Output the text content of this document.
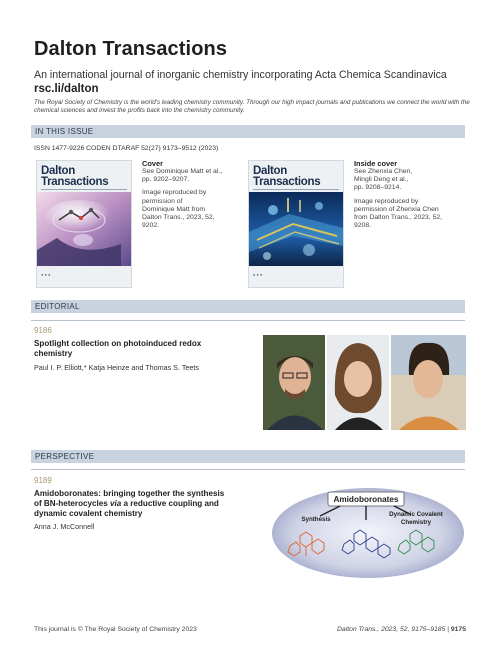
Dalton Transactions
An international journal of inorganic chemistry incorporating Acta Chemica Scandinavica
rsc.li/dalton
The Royal Society of Chemistry is the world's leading chemistry community. Through our high impact journals and publications we connect the world with the chemical sciences and invest the profits back into the chemistry community.
IN THIS ISSUE
ISSN 1477-9226 CODEN DTARAF 52(27) 9173–9512 (2023)
Dalton Transactions
● ● ●
Cover
See Dominique Matt et al.,
pp. 9202–9207.
Image reproduced by
permission of
Dominique Matt from
Dalton Trans., 2023, 52,
9202.
Dalton Transactions
● ● ●
Inside cover
See Zhenxia Chen,
Mingli Deng et al.,
pp. 9208–9214.
Image reproduced by
permission of Zhenxia Chen
from Dalton Trans., 2023, 52,
9208.
EDITORIAL
9186
Spotlight collection on photoinduced redox
chemistry
Paul I. P. Elliott,* Katja Heinze and Thomas S. Teets
PERSPECTIVE
9189
Amidoboronates: bringing together the synthesis
of BN-heterocycles via a reductive coupling and
dynamic covalent chemistry
Anna J. McConnell
Amidoboronates
Synthesis
Dynamic Covalent
Chemistry
This journal is © The Royal Society of Chemistry 2023	Dalton Trans., 2023, 52, 9175–9185 | 9175
